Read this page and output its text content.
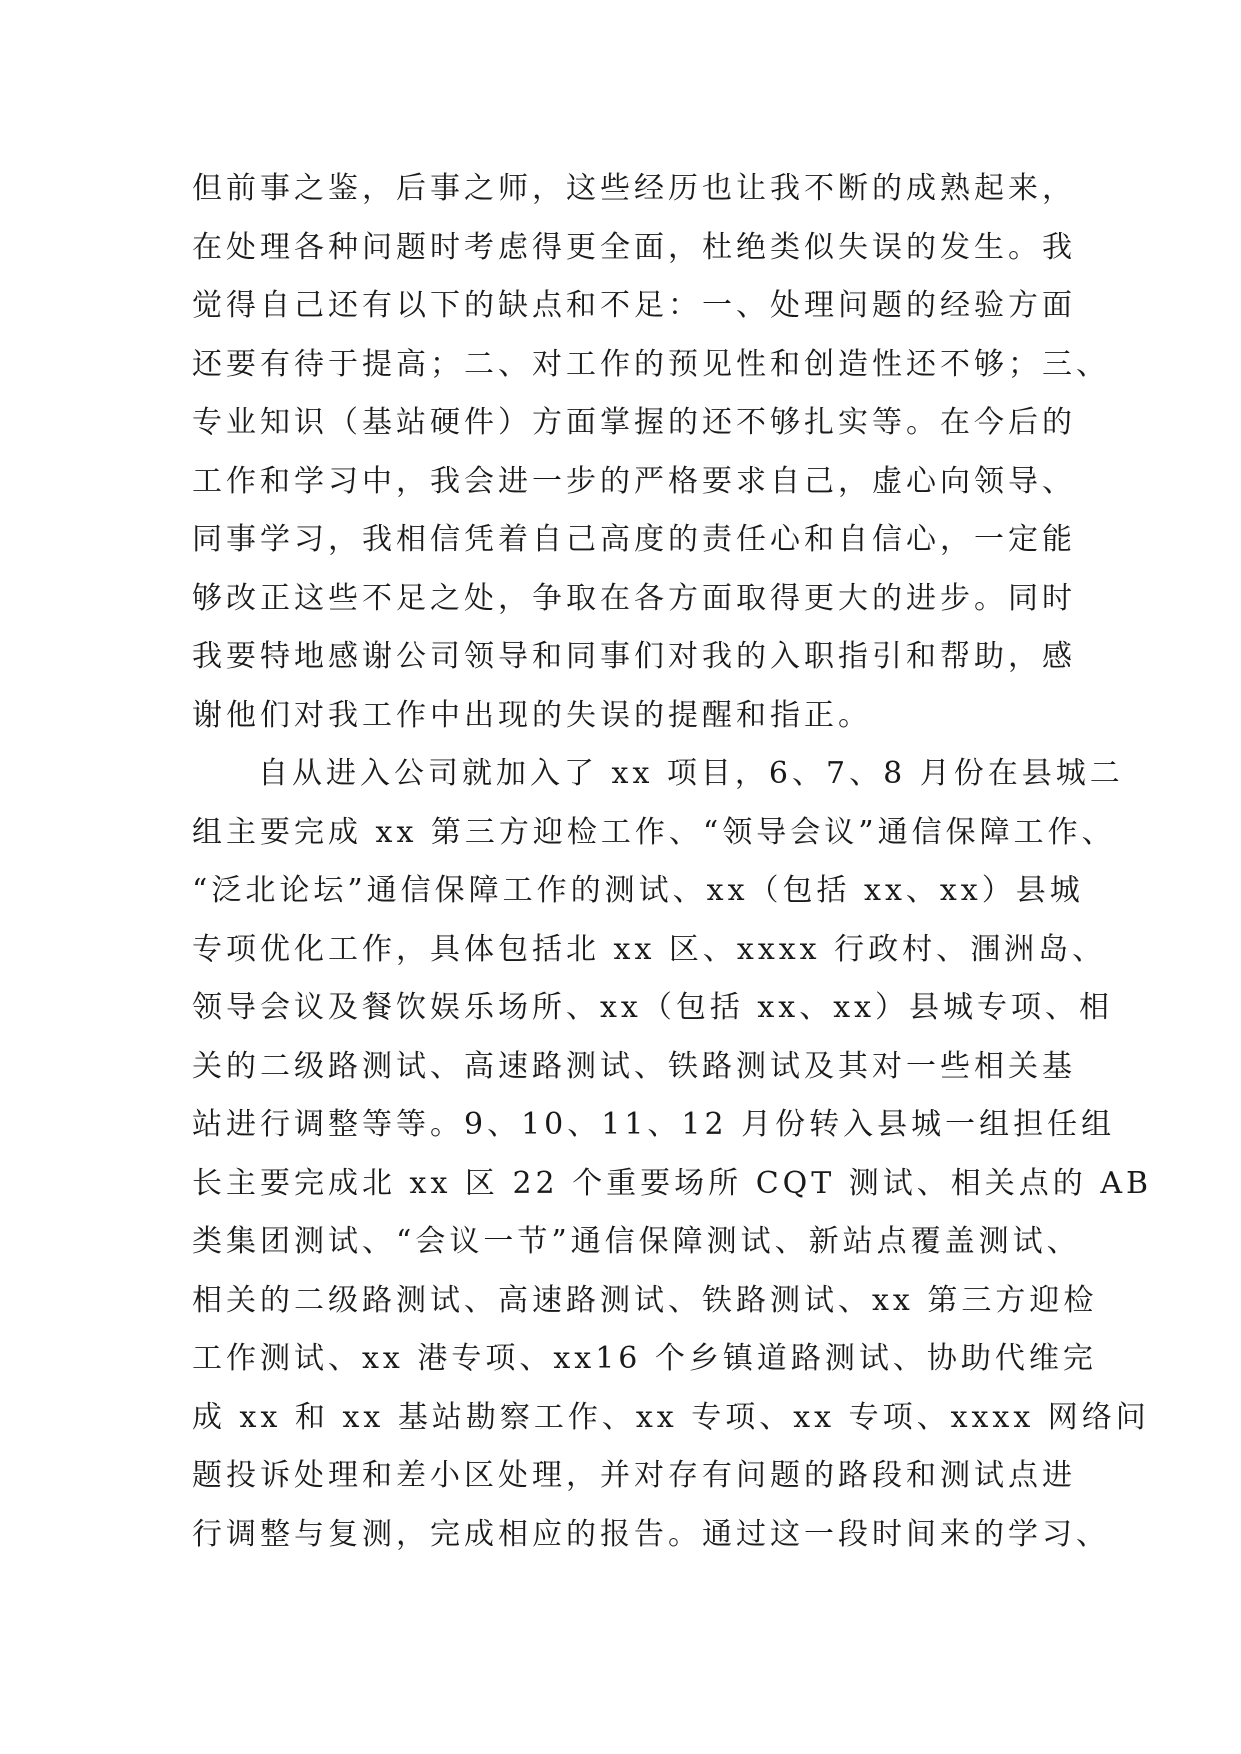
但前事之鉴，后事之师，这些经历也让我不断的成熟起来，
在处理各种问题时考虑得更全面，杜绝类似失误的发生。我
觉得自己还有以下的缺点和不足：一、处理问题的经验方面
还要有待于提高；二、对工作的预见性和创造性还不够；三、
专业知识（基站硬件）方面掌握的还不够扎实等。在今后的
工作和学习中，我会进一步的严格要求自己，虚心向领导、
同事学习，我相信凭着自己高度的责任心和自信心，一定能
够改正这些不足之处，争取在各方面取得更大的进步。同时
我要特地感谢公司领导和同事们对我的入职指引和帮助，感
谢他们对我工作中出现的失误的提醒和指正。
自从进入公司就加入了 xx 项目，6、7、8 月份在县城二
组主要完成 xx 第三方迎检工作、“领导会议”通信保障工作、
“泛北论坛”通信保障工作的测试、xx（包括 xx、xx）县城
专项优化工作，具体包括北 xx 区、xxxx 行政村、涠洲岛、
领导会议及餐饮娱乐场所、xx（包括 xx、xx）县城专项、相
关的二级路测试、高速路测试、铁路测试及其对一些相关基
站进行调整等等。9、10、11、12 月份转入县城一组担任组
长主要完成北 xx 区 22 个重要场所 CQT 测试、相关点的 AB
类集团测试、“会议一节”通信保障测试、新站点覆盖测试、
相关的二级路测试、高速路测试、铁路测试、xx 第三方迎检
工作测试、xx 港专项、xx16 个乡镇道路测试、协助代维完
成 xx 和 xx 基站勘察工作、xx 专项、xx 专项、xxxx 网络问
题投诉处理和差小区处理，并对存有问题的路段和测试点进
行调整与复测，完成相应的报告。通过这一段时间来的学习、
